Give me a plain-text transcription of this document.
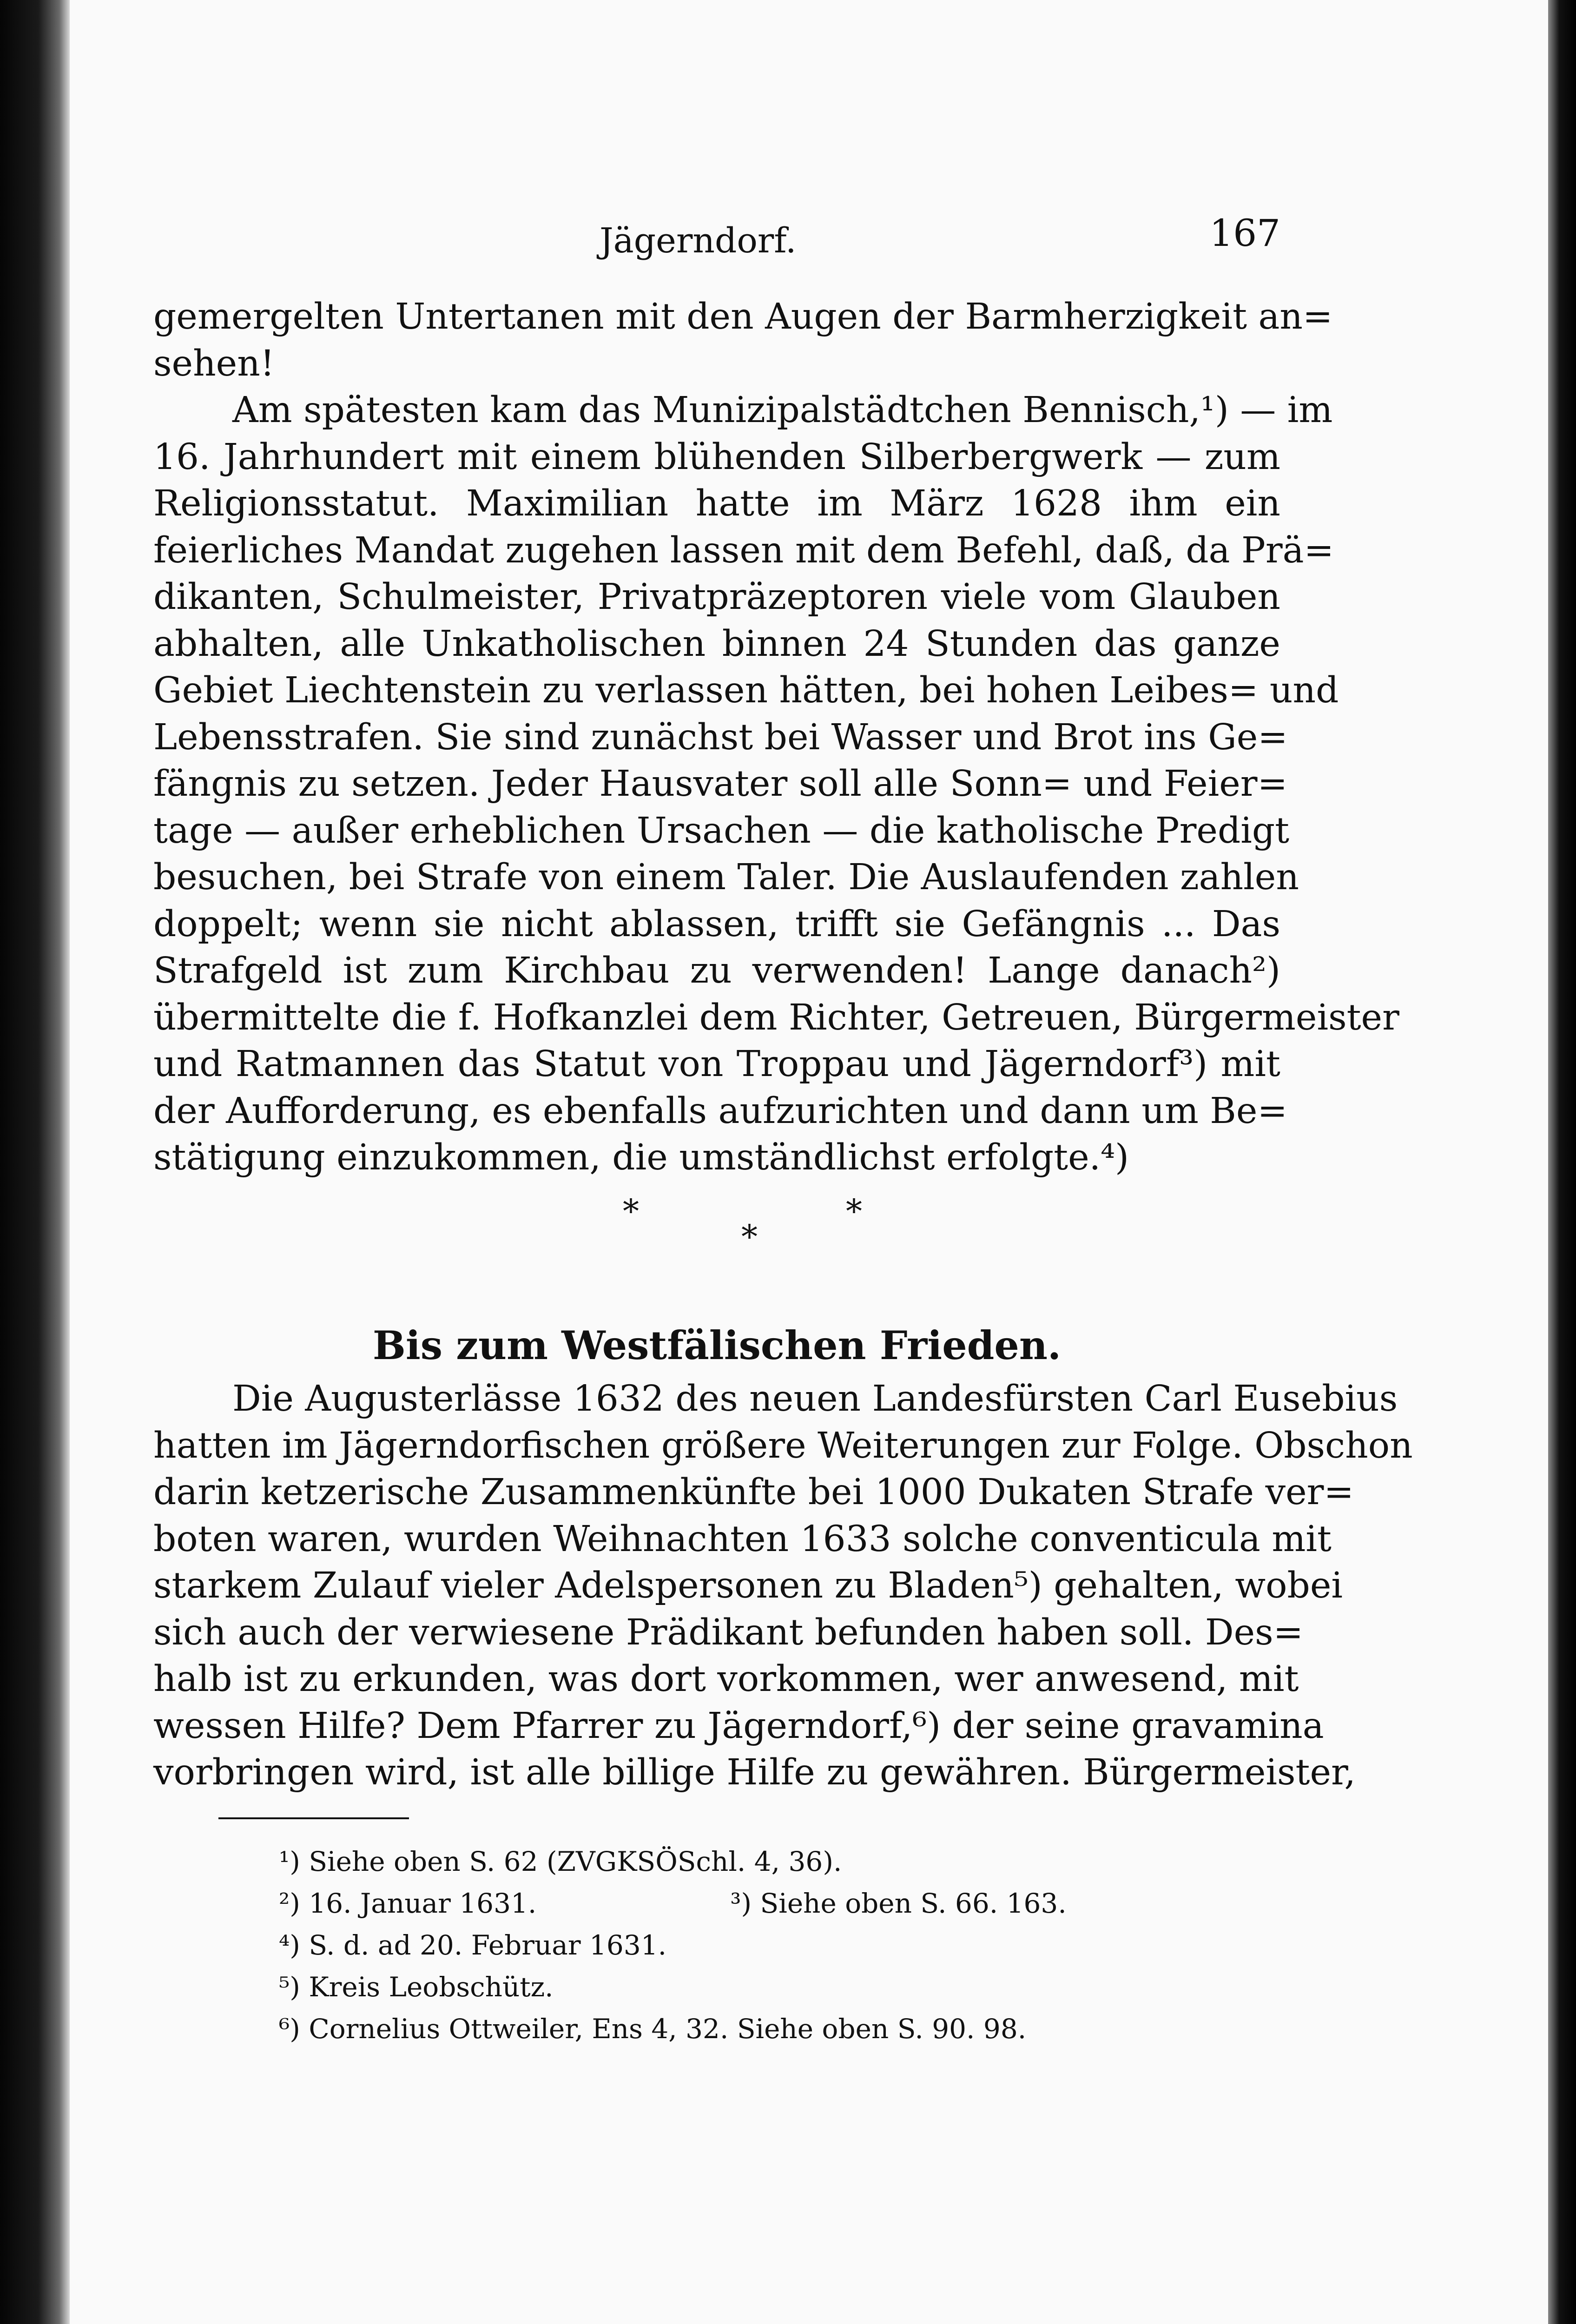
Jägerndorf.	167

gemergelten Untertanen mit den Augen der Barmherzigkeit an=
sehen!

Am spätesten kam das Munizipalstädtchen Bennisch,¹) — im
16. Jahrhundert mit einem blühenden Silberbergwerk — zum
Religionsstatut. Maximilian hatte im März 1628 ihm ein
feierliches Mandat zugehen lassen mit dem Befehl, daß, da Prä=
dikanten, Schulmeister, Privatpräzeptoren viele vom Glauben
abhalten, alle Unkatholischen binnen 24 Stunden das ganze
Gebiet Liechtenstein zu verlassen hätten, bei hohen Leibes= und
Lebensstrafen. Sie sind zunächst bei Wasser und Brot ins Ge=
fängnis zu setzen. Jeder Hausvater soll alle Sonn= und Feier=
tage — außer erheblichen Ursachen — die katholische Predigt
besuchen, bei Strafe von einem Taler. Die Auslaufenden zahlen
doppelt; wenn sie nicht ablassen, trifft sie Gefängnis ... Das
Strafgeld ist zum Kirchbau zu verwenden! Lange danach²)
übermittelte die f. Hofkanzlei dem Richter, Getreuen, Bürgermeister
und Ratmannen das Statut von Troppau und Jägerndorf³) mit
der Aufforderung, es ebenfalls aufzurichten und dann um Be=
stätigung einzukommen, die umständlichst erfolgte.⁴)

*
*
*
Bis zum Westfälischen Frieden.

Die Augusterlässe 1632 des neuen Landesfürsten Carl Eusebius
hatten im Jägerndorfischen größere Weiterungen zur Folge. Obschon
darin ketzerische Zusammenkünfte bei 1000 Dukaten Strafe ver=
boten waren, wurden Weihnachten 1633 solche conventicula mit
starkem Zulauf vieler Adelspersonen zu Bladen⁵) gehalten, wobei
sich auch der verwiesene Prädikant befunden haben soll. Des=
halb ist zu erkunden, was dort vorkommen, wer anwesend, mit
wessen Hilfe? Dem Pfarrer zu Jägerndorf,⁶) der seine gravamina
vorbringen wird, ist alle billige Hilfe zu gewähren. Bürgermeister,

¹) Siehe oben S. 62 (ZVGKSÖSchl. 4, 36).
²) 16. Januar 1631.	³) Siehe oben S. 66. 163.
⁴) S. d. ad 20. Februar 1631.
⁵) Kreis Leobschütz.
⁶) Cornelius Ottweiler, Ens 4, 32. Siehe oben S. 90. 98.
